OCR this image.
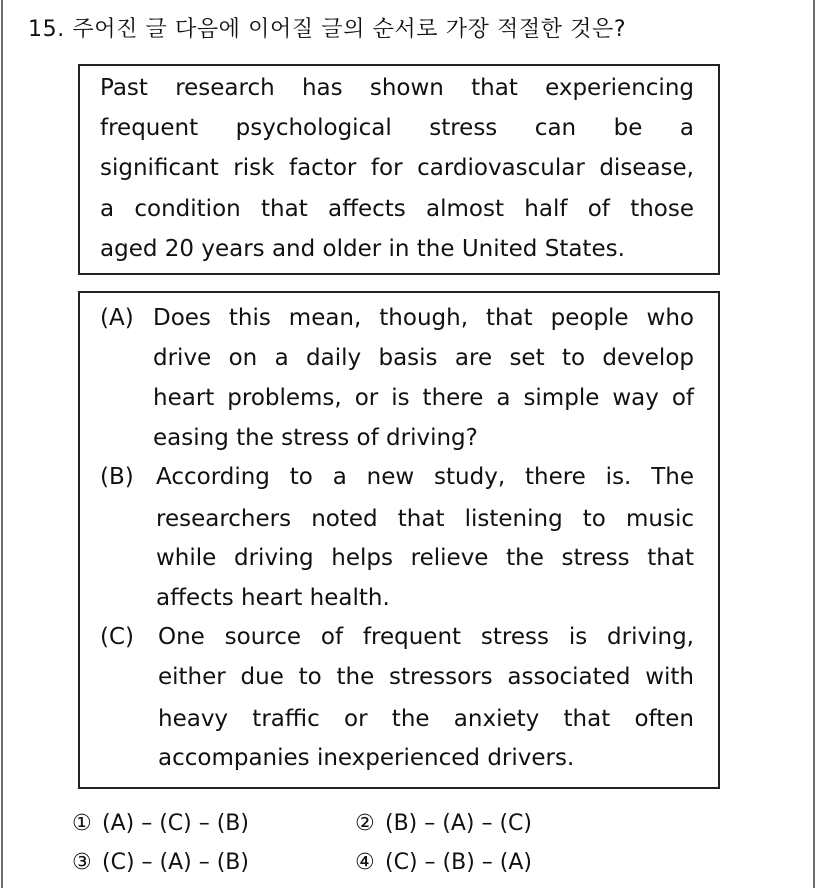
15. 주어진 글 다음에 이어질 글의 순서로 가장 적절한 것은?
Past research has shown that experiencing
frequent psychological stress can be a
significant risk factor for cardiovascular disease,
a condition that affects almost half of those
aged 20 years and older in the United States.
(A) Does this mean, though, that people who
drive on a daily basis are set to develop
heart problems, or is there a simple way of
easing the stress of driving?
(B) According to a new study, there is. The
researchers noted that listening to music
while driving helps relieve the stress that
affects heart health.
(C) One source of frequent stress is driving,
either due to the stressors associated with
heavy traffic or the anxiety that often
accompanies inexperienced drivers.
① (A) – (C) – (B)	② (B) – (A) – (C)
③ (C) – (A) – (B)	④ (C) – (B) – (A)
